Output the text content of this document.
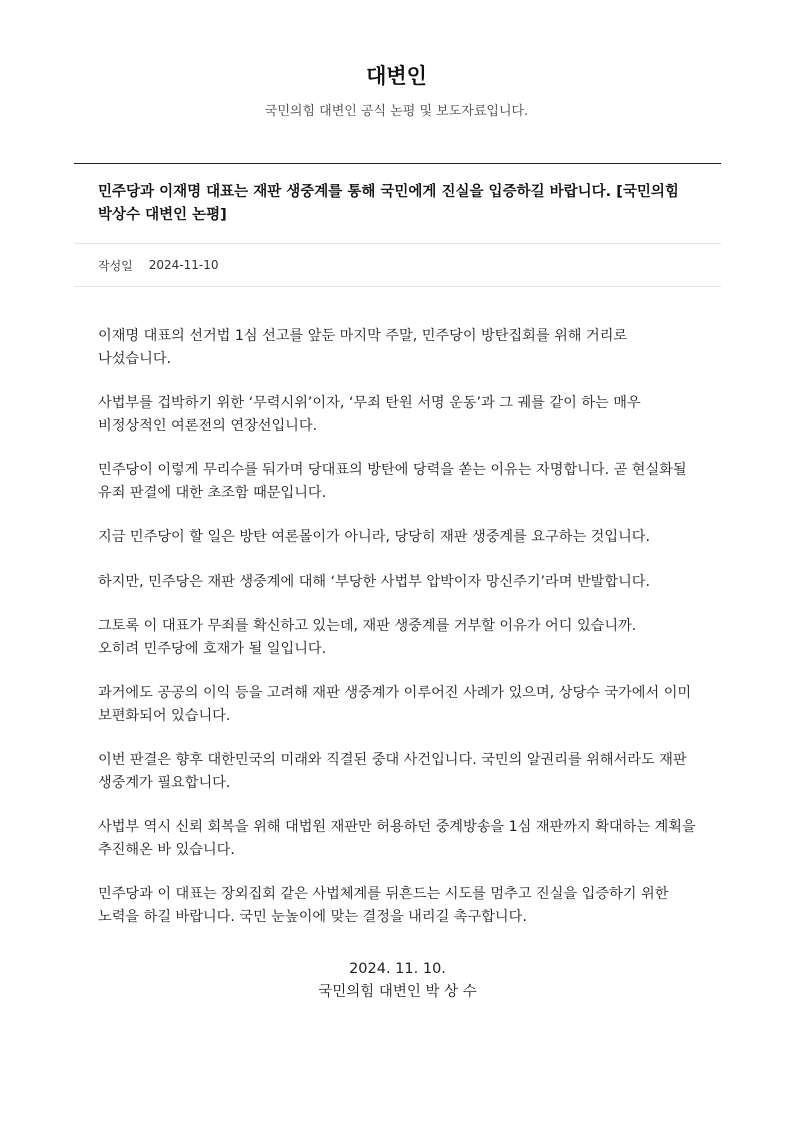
대변인
국민의힘 대변인 공식 논평 및 보도자료입니다.
민주당과 이재명 대표는 재판 생중계를 통해 국민에게 진실을 입증하길 바랍니다. [국민의힘 박상수 대변인 논평]
작성일 2024-11-10

이재명 대표의 선거법 1심 선고를 앞둔 마지막 주말, 민주당이 방탄집회를 위해 거리로 나섰습니다.

사법부를 겁박하기 위한 ‘무력시위’이자, ‘무죄 탄원 서명 운동’과 그 궤를 같이 하는 매우 비정상적인 여론전의 연장선입니다.

민주당이 이렇게 무리수를 둬가며 당대표의 방탄에 당력을 쏟는 이유는 자명합니다. 곧 현실화될 유죄 판결에 대한 초조함 때문입니다.

지금 민주당이 할 일은 방탄 여론몰이가 아니라, 당당히 재판 생중계를 요구하는 것입니다.

하지만, 민주당은 재판 생중계에 대해 ‘부당한 사법부 압박이자 망신주기’라며 반발합니다.

그토록 이 대표가 무죄를 확신하고 있는데, 재판 생중계를 거부할 이유가 어디 있습니까.
오히려 민주당에 호재가 될 일입니다.

과거에도 공공의 이익 등을 고려해 재판 생중계가 이루어진 사례가 있으며, 상당수 국가에서 이미 보편화되어 있습니다.

이번 판결은 향후 대한민국의 미래와 직결된 중대 사건입니다. 국민의 알권리를 위해서라도 재판 생중계가 필요합니다.

사법부 역시 신뢰 회복을 위해 대법원 재판만 허용하던 중계방송을 1심 재판까지 확대하는 계획을 추진해온 바 있습니다.

민주당과 이 대표는 장외집회 같은 사법체계를 뒤흔드는 시도를 멈추고 진실을 입증하기 위한 노력을 하길 바랍니다. 국민 눈높이에 맞는 결정을 내리길 촉구합니다.

2024. 11. 10.
국민의힘 대변인 박 상 수
